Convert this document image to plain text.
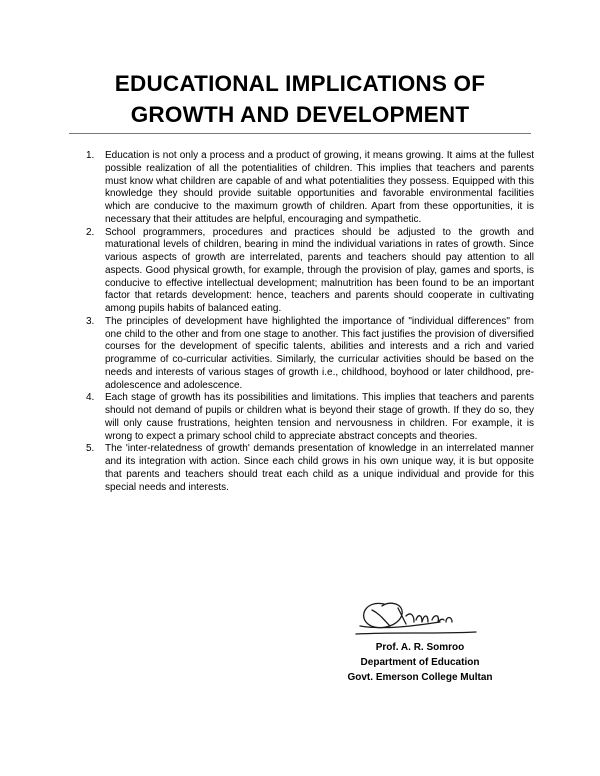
EDUCATIONAL IMPLICATIONS OF
GROWTH AND DEVELOPMENT
1. Education is not only a process and a product of growing, it means growing. It aims at the fullest possible realization of all the potentialities of children. This implies that teachers and parents must know what children are capable of and what potentialities they possess. Equipped with this knowledge they should provide suitable opportunities and favorable environmental facilities which are conducive to the maximum growth of children. Apart from these opportunities, it is necessary that their attitudes are helpful, encouraging and sympathetic.
2. School programmers, procedures and practices should be adjusted to the growth and maturational levels of children, bearing in mind the individual variations in rates of growth. Since various aspects of growth are interrelated, parents and teachers should pay attention to all aspects. Good physical growth, for example, through the provision of play, games and sports, is conducive to effective intellectual development; malnutrition has been found to be an important factor that retards development: hence, teachers and parents should cooperate in cultivating among pupils habits of balanced eating.
3. The principles of development have highlighted the importance of "individual differences" from one child to the other and from one stage to another. This fact justifies the provision of diversified courses for the development of specific talents, abilities and interests and a rich and varied programme of co-curricular activities. Similarly, the curricular activities should be based on the needs and interests of various stages of growth i.e., childhood, boyhood or later childhood, pre- adolescence and adolescence.
4. Each stage of growth has its possibilities and limitations. This implies that teachers and parents should not demand of pupils or children what is beyond their stage of growth. If they do so, they will only cause frustrations, heighten tension and nervousness in children. For example, it is wrong to expect a primary school child to appreciate abstract concepts and theories.
5. The 'inter-relatedness of growth' demands presentation of knowledge in an interrelated manner and its integration with action. Since each child grows in his own unique way, it is but opposite that parents and teachers should treat each child as a unique individual and provide for this special needs and interests.
Prof. A. R. Somroo
Department of Education
Govt. Emerson College Multan
